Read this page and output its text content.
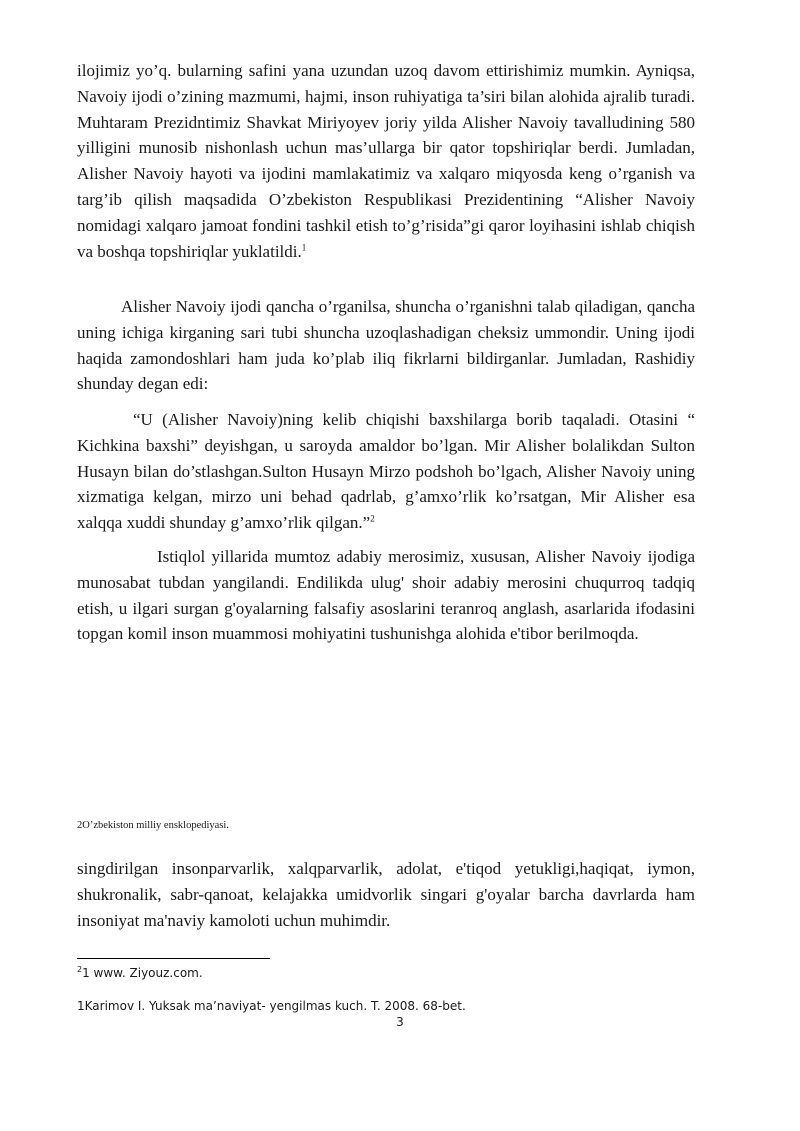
ilojimiz yo’q. bularning safini yana uzundan uzoq davom ettirishimiz mumkin. Ayniqsa, Navoiy ijodi o’zining mazmumi, hajmi, inson ruhiyatiga ta’siri bilan alohida ajralib turadi. Muhtaram Prezidntimiz Shavkat Miriyoyev joriy yilda Alisher Navoiy tavalludining 580 yilligini munosib nishonlash uchun mas’ullarga bir qator topshiriqlar berdi. Jumladan, Alisher Navoiy hayoti va ijodini mamlakatimiz va xalqaro miqyosda keng o’rganish va targ’ib qilish maqsadida O’zbekiston Respublikasi Prezidentining “Alisher Navoiy nomidagi xalqaro jamoat fondini tashkil etish to’g’risida”gi qaror loyihasini ishlab chiqish va boshqa topshiriqlar yuklatildi.$^1$

Alisher Navoiy ijodi qancha o’rganilsa, shuncha o’rganishni talab qiladigan, qancha uning ichiga kirganing sari tubi shuncha uzoqlashadigan cheksiz ummondir. Uning ijodi haqida zamondoshlari ham juda ko’plab iliq fikrlarni bildirganlar. Jumladan, Rashidiy shunday degan edi:

“U (Alisher Navoiy)ning kelib chiqishi baxshilarga borib taqaladi. Otasini “ Kichkina baxshi” deyishgan, u saroyda amaldor bo’lgan. Mir Alisher bolalikdan Sulton Husayn bilan do’stlashgan.Sulton Husayn Mirzo podshoh bo’lgach, Alisher Navoiy uning xizmatiga kelgan, mirzo uni behad qadrlab, g’amxo’rlik ko’rsatgan, Mir Alisher esa xalqqa xuddi shunday g’amxo’rlik qilgan.”$^2$

Istiqlol yillarida mumtoz adabiy merosimiz, xususan, Alisher Navoiy ijodiga munosabat tubdan yangilandi. Endilikda ulug' shoir adabiy merosini chuqurroq tadqiq etish, u ilgari surgan g'oyalarning falsafiy asoslarini teranroq anglash, asarlarida ifodasini topgan komil inson muammosi mohiyatini tushunishga alohida e'tibor berilmoqda.

2O’zbekiston milliy ensklopediyasi.

singdirilgan insonparvarlik, xalqparvarlik, adolat, e'tiqod yetukligi,haqiqat, iymon, shukronalik, sabr-qanoat, kelajakka umidvorlik singari g'oyalar barcha davrlarda ham insoniyat ma'naviy kamoloti uchun muhimdir.

$^2$1 www. Ziyouz.com.

1Karimov I. Yuksak ma’naviyat- yengilmas kuch. T. 2008. 68-bet.

3
